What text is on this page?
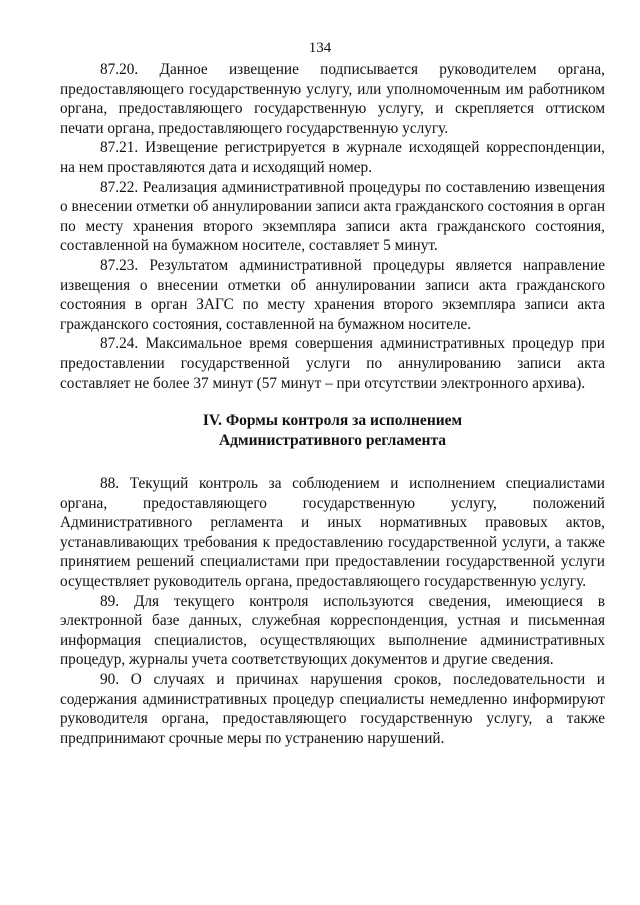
134

87.20. Данное извещение подписывается руководителем органа, предоставляющего государственную услугу, или уполномоченным им работником органа, предоставляющего государственную услугу, и скрепляется оттиском печати органа, предоставляющего государственную услугу.

87.21. Извещение регистрируется в журнале исходящей корреспонденции, на нем проставляются дата и исходящий номер.

87.22. Реализация административной процедуры по составлению извещения о внесении отметки об аннулировании записи акта гражданского состояния в орган по месту хранения второго экземпляра записи акта гражданского состояния, составленной на бумажном носителе, составляет 5 минут.

87.23. Результатом административной процедуры является направление извещения о внесении отметки об аннулировании записи акта гражданского состояния в орган ЗАГС по месту хранения второго экземпляра записи акта гражданского состояния, составленной на бумажном носителе.

87.24. Максимальное время совершения административных процедур при предоставлении государственной услуги по аннулированию записи акта составляет не более 37 минут (57 минут – при отсутствии электронного архива).

IV. Формы контроля за исполнением

Административного регламента

88. Текущий контроль за соблюдением и исполнением специалистами органа, предоставляющего государственную услугу, положений Административного регламента и иных нормативных правовых актов, устанавливающих требования к предоставлению государственной услуги, а также принятием решений специалистами при предоставлении государственной услуги осуществляет руководитель органа, предоставляющего государственную услугу.

89. Для текущего контроля используются сведения, имеющиеся в электронной базе данных, служебная корреспонденция, устная и письменная информация специалистов, осуществляющих выполнение административных процедур, журналы учета соответствующих документов и другие сведения.

90. О случаях и причинах нарушения сроков, последовательности и содержания административных процедур специалисты немедленно информируют руководителя органа, предоставляющего государственную услугу, а также предпринимают срочные меры по устранению нарушений.
